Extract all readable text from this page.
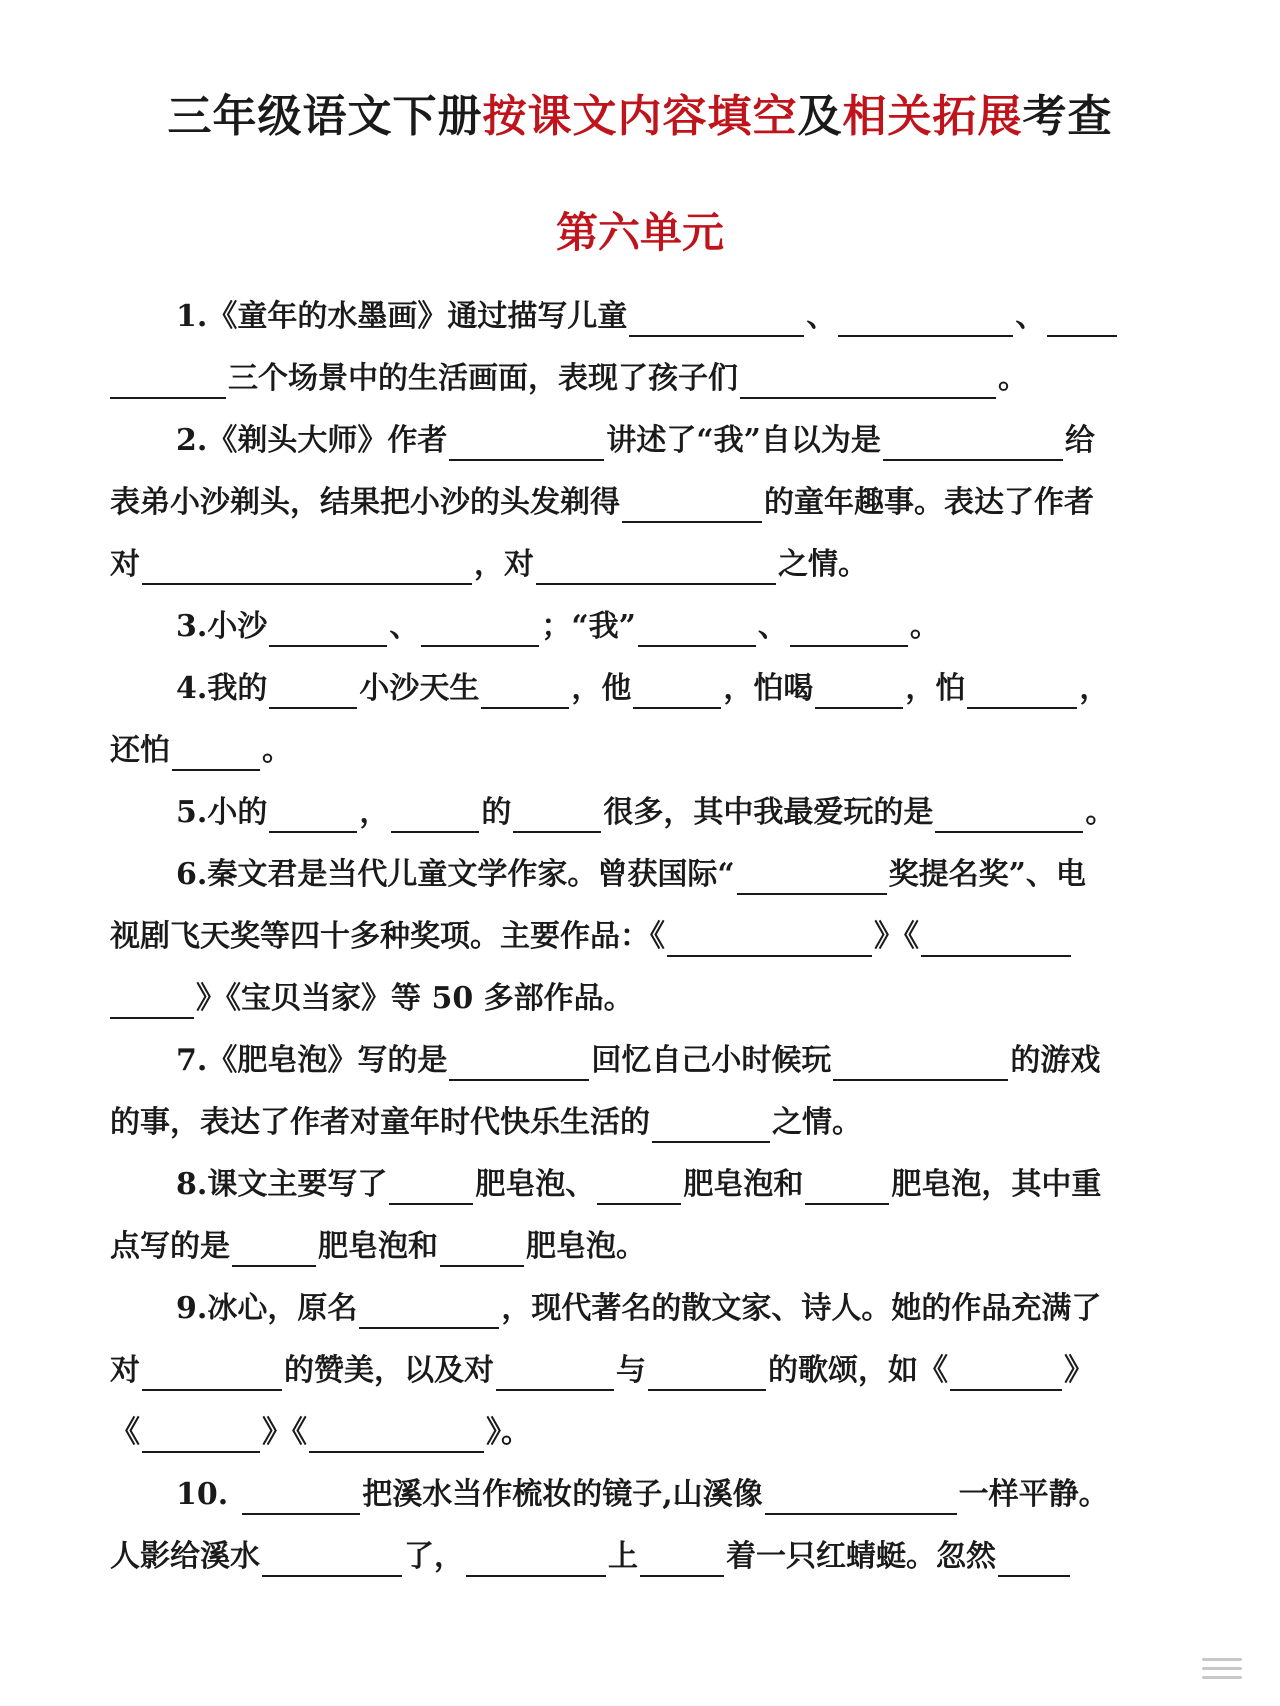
三年级语文下册按课文内容填空及相关拓展考查
第六单元
1.《童年的水墨画》通过描写儿童	、	、
三个场景中的生活画面，表现了孩子们	。
2.《剃头大师》作者	讲述了“我”自以为是	给
表弟小沙剃头，结果把小沙的头发剃得	的童年趣事。表达了作者
对	，对	之情。
3.小沙	、	；“我”	、	。
4.我的	小沙天生	，他	，怕喝	，怕	，
还怕	。
5.小的	，	的	很多，其中我最爱玩的是	。
6.秦文君是当代儿童文学作家。曾获国际“	奖提名奖”、电
视剧飞天奖等四十多种奖项。主要作品：《	》《
》《宝贝当家》等 50 多部作品。
7.《肥皂泡》写的是	回忆自己小时候玩	的游戏
的事，表达了作者对童年时代快乐生活的	之情。
8.课文主要写了	肥皂泡、	肥皂泡和	肥皂泡，其中重
点写的是	肥皂泡和	肥皂泡。
9.冰心，原名	，现代著名的散文家、诗人。她的作品充满了
对	的赞美，以及对	与	的歌颂，如《	》
《	》《	》。
10.	把溪水当作梳妆的镜子,山溪像	一样平静。
人影给溪水	了，	上	着一只红蜻蜓。忽然
